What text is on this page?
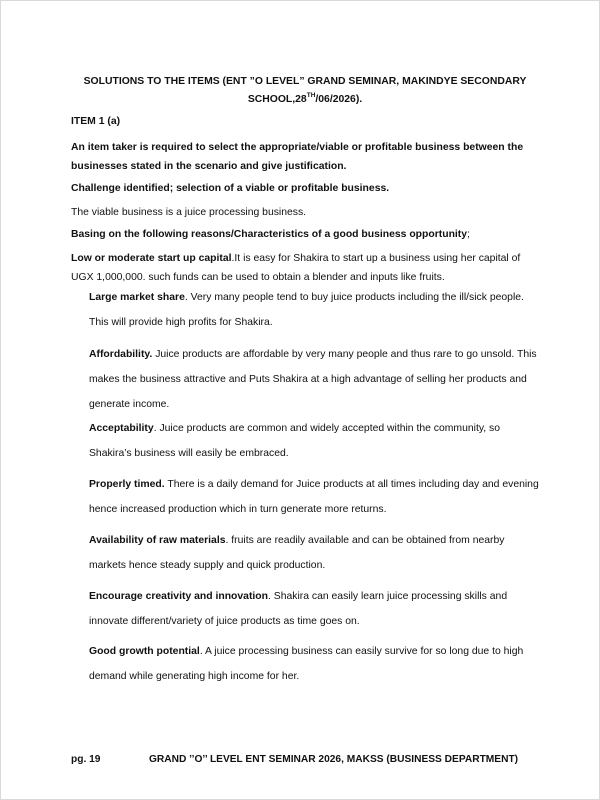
SOLUTIONS TO THE ITEMS (ENT ”O LEVEL” GRAND SEMINAR, MAKINDYE SECONDARY SCHOOL,28TH/06/2026).

ITEM 1 (a)

An item taker is required to select the appropriate/viable or profitable business between the businesses stated in the scenario and give justification.

Challenge identified; selection of a viable or profitable business.

The viable business is a juice processing business.

Basing on the following reasons/Characteristics of a good business opportunity;

Low or moderate start up capital.It is easy for Shakira to start up a business using her capital of UGX 1,000,000. such funds can be used to obtain a blender and inputs like fruits.

Large market share. Very many people tend to buy juice products including the ill/sick people. This will provide high profits for Shakira.

Affordability. Juice products are affordable by very many people and thus rare to go unsold. This makes the business attractive and Puts Shakira at a high advantage of selling her products and generate income.

Acceptability. Juice products are common and widely accepted within the community, so Shakira’s business will easily be embraced.

Properly timed. There is a daily demand for Juice products at all times including day and evening hence increased production which in turn generate more returns.

Availability of raw materials. fruits are readily available and can be obtained from nearby markets hence steady supply and quick production.

Encourage creativity and innovation. Shakira can easily learn juice processing skills and innovate different/variety of juice products as time goes on.

Good growth potential. A juice processing business can easily survive for so long due to high demand while generating high income for her.

pg. 19	GRAND ’’O’’ LEVEL ENT SEMINAR 2026, MAKSS (BUSINESS DEPARTMENT)
